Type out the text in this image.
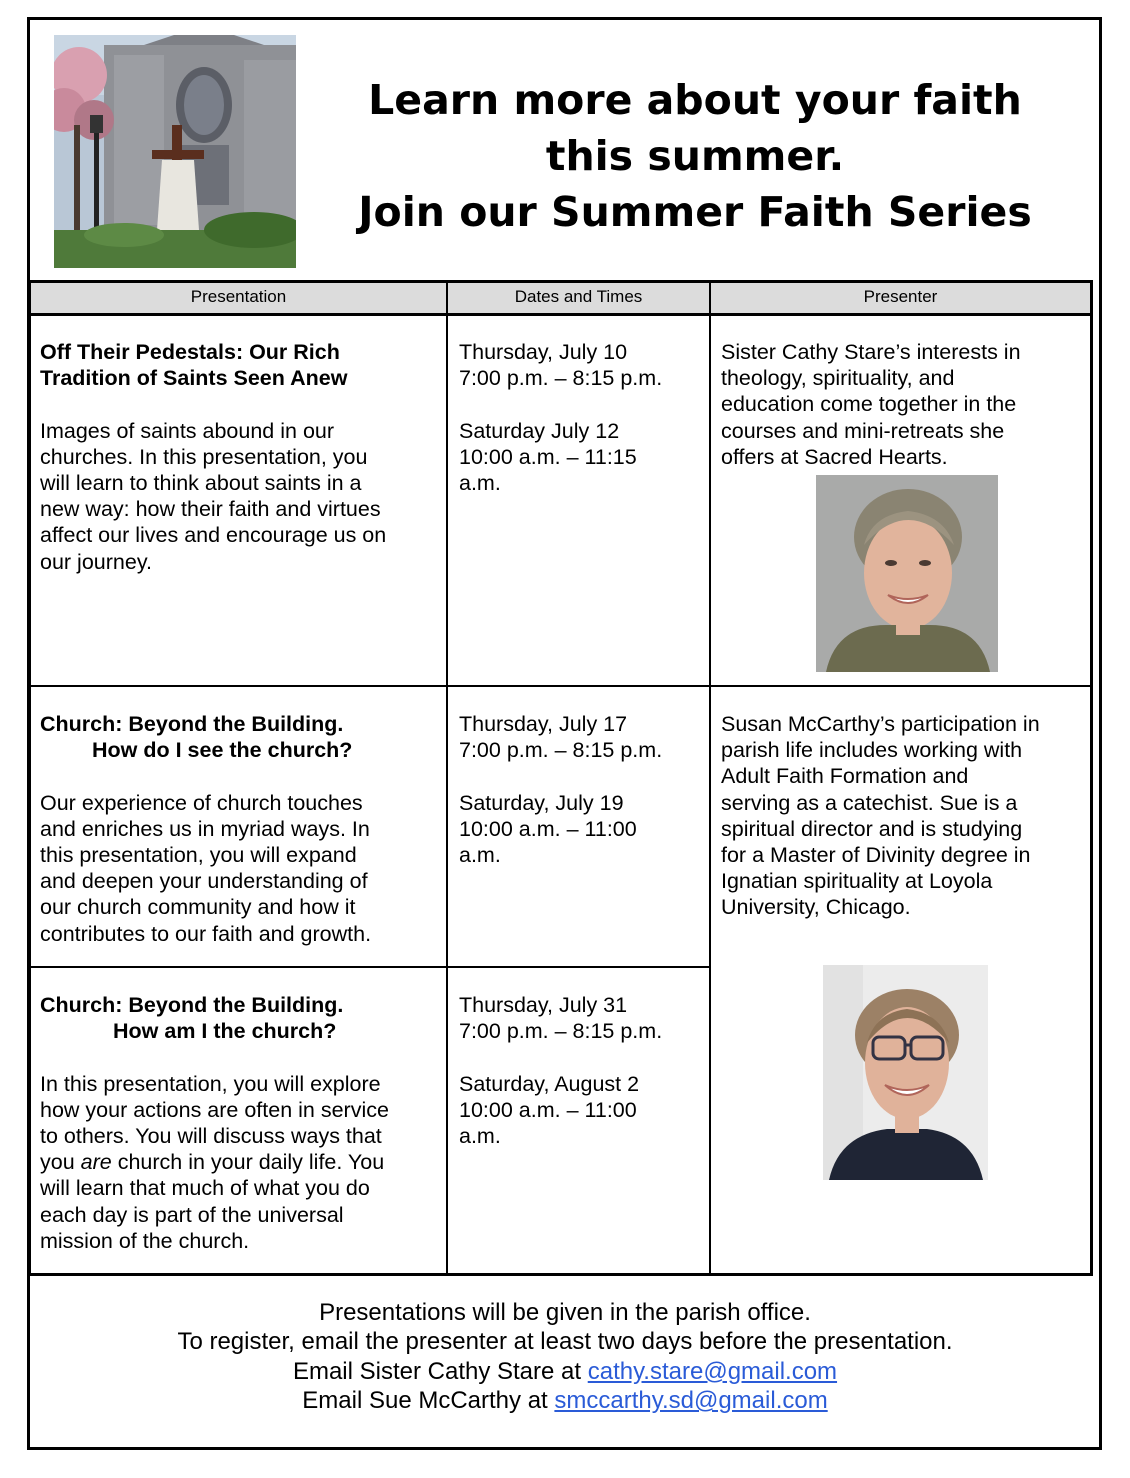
Learn more about your faith
this summer.
Join our Summer Faith Series
Presentation	Dates and Times	Presenter

Off Their Pedestals: Our Rich

Tradition of Saints Seen Anew

Images of saints abound in our

churches. In this presentation, you

will learn to think about saints in a

new way: how their faith and virtues

affect our lives and encourage us on

our journey.

Thursday, July 10

7:00 p.m. – 8:15 p.m.

Saturday July 12

10:00 a.m. – 11:15

a.m.

Sister Cathy Stare’s interests in

theology, spirituality, and

education come together in the

courses and mini-retreats she

offers at Sacred Hearts.

Church: Beyond the Building.

How do I see the church?

Our experience of church touches

and enriches us in myriad ways. In

this presentation, you will expand

and deepen your understanding of

our church community and how it

contributes to our faith and growth.

Thursday, July 17

7:00 p.m. – 8:15 p.m.

Saturday, July 19

10:00 a.m. – 11:00

a.m.

Susan McCarthy’s participation in

parish life includes working with

Adult Faith Formation and

serving as a catechist. Sue is a

spiritual director and is studying

for a Master of Divinity degree in

Ignatian spirituality at Loyola

University, Chicago.

Church: Beyond the Building.

How am I the church?

In this presentation, you will explore

how your actions are often in service

to others. You will discuss ways that

you are church in your daily life. You

will learn that much of what you do

each day is part of the universal

mission of the church.

Thursday, July 31

7:00 p.m. – 8:15 p.m.

Saturday, August 2

10:00 a.m. – 11:00

a.m.

Presentations will be given in the parish office.
To register, email the presenter at least two days before the presentation.
Email Sister Cathy Stare at cathy.stare@gmail.com
Email Sue McCarthy at smccarthy.sd@gmail.com
